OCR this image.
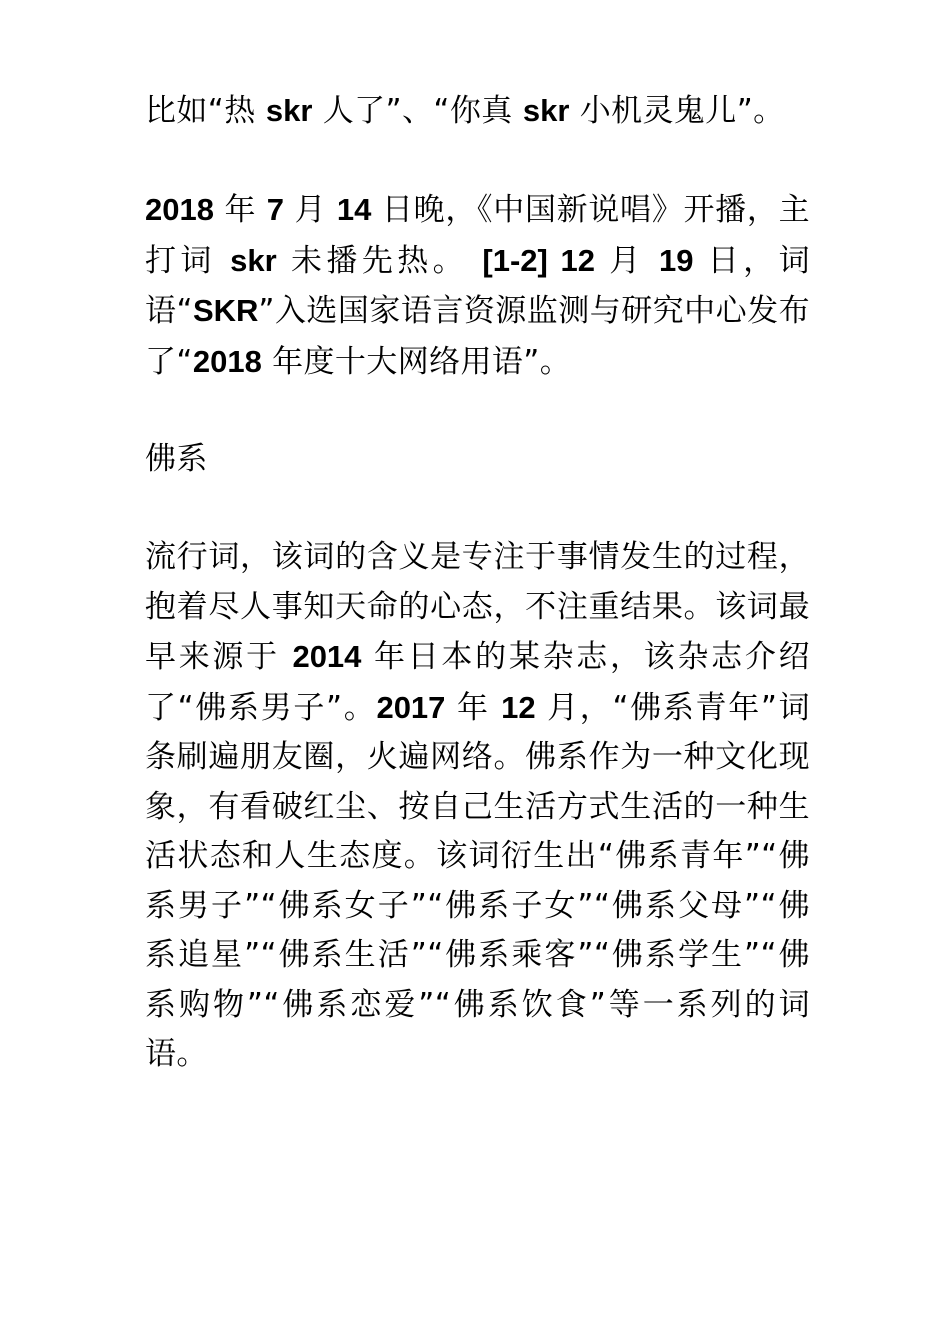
比如“热 skr 人了”、“你真 skr 小机灵鬼儿”。
2018 年 7 月 14 日晚，《中国新说唱》开播，主打词 skr 未播先热。 [1-2] 12 月 19 日，词语“SKR”入选国家语言资源监测与研究中心发布了“2018 年度十大网络用语”。
佛系
流行词，该词的含义是专注于事情发生的过程，抱着尽人事知天命的心态，不注重结果。该词最早来源于 2014 年日本的某杂志，该杂志介绍了“佛系男子”。2017 年 12 月，“佛系青年”词条刷遍朋友圈，火遍网络。佛系作为一种文化现象，有看破红尘、按自己生活方式生活的一种生活状态和人生态度。该词衍生出“佛系青年”“佛系男子”“佛系女子”“佛系子女”“佛系父母”“佛系追星”“佛系生活”“佛系乘客”“佛系学生”“佛系购物”“佛系恋爱”“佛系饮食”等一系列的词语。
